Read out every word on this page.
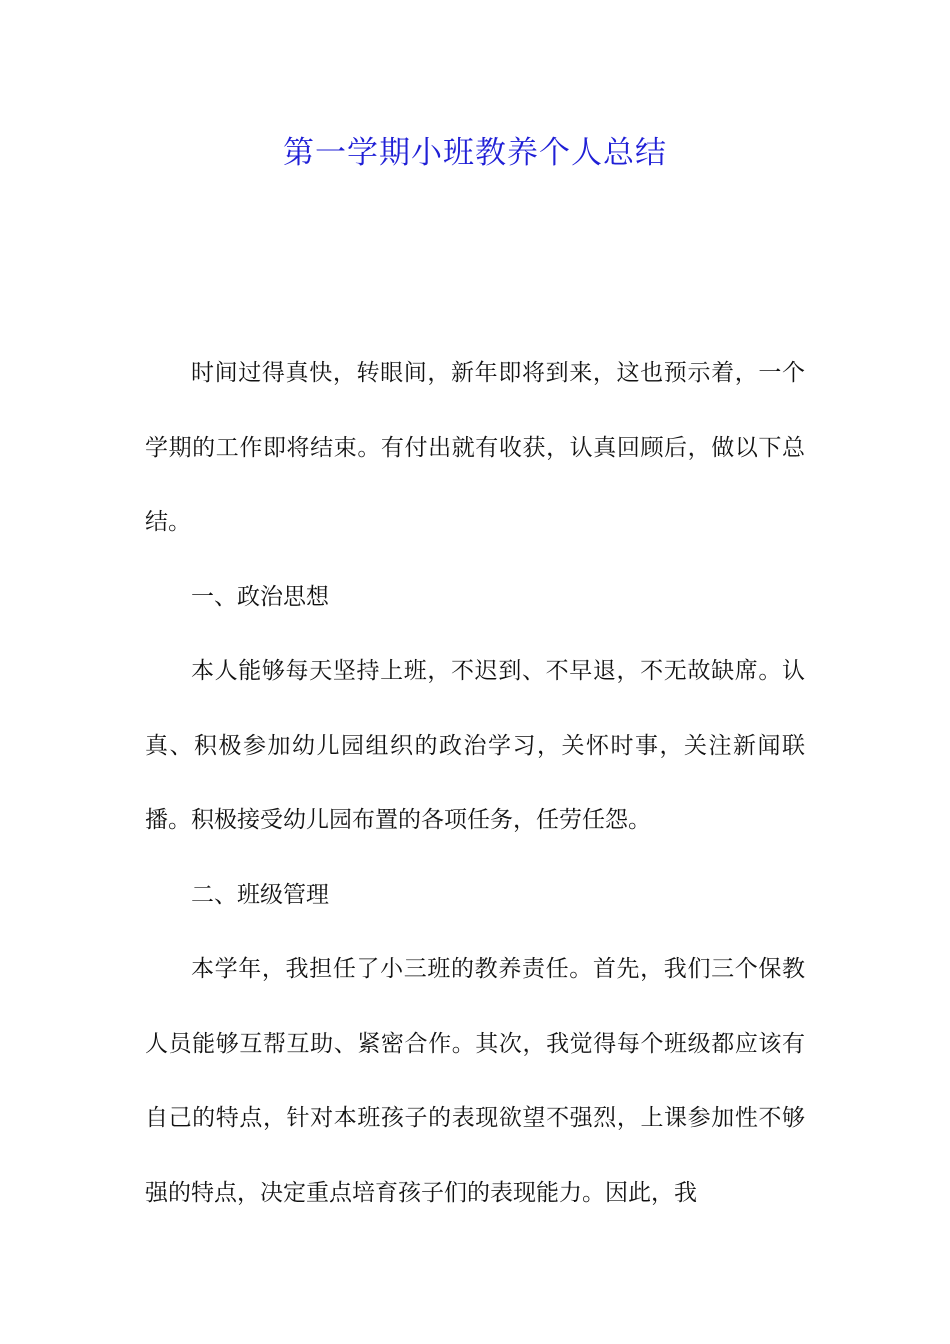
第一学期小班教养个人总结

时间过得真快，转眼间，新年即将到来，这也预示着，一个学期的工作即将结束。有付出就有收获，认真回顾后，做以下总结。

一、政治思想

本人能够每天坚持上班，不迟到、不早退，不无故缺席。认真、积极参加幼儿园组织的政治学习，关怀时事，关注新闻联播。积极接受幼儿园布置的各项任务，任劳任怨。

二、班级管理

本学年，我担任了小三班的教养责任。首先，我们三个保教人员能够互帮互助、紧密合作。其次，我觉得每个班级都应该有自己的特点，针对本班孩子的表现欲望不强烈，上课参加性不够强的特点，决定重点培育孩子们的表现能力。因此，我
